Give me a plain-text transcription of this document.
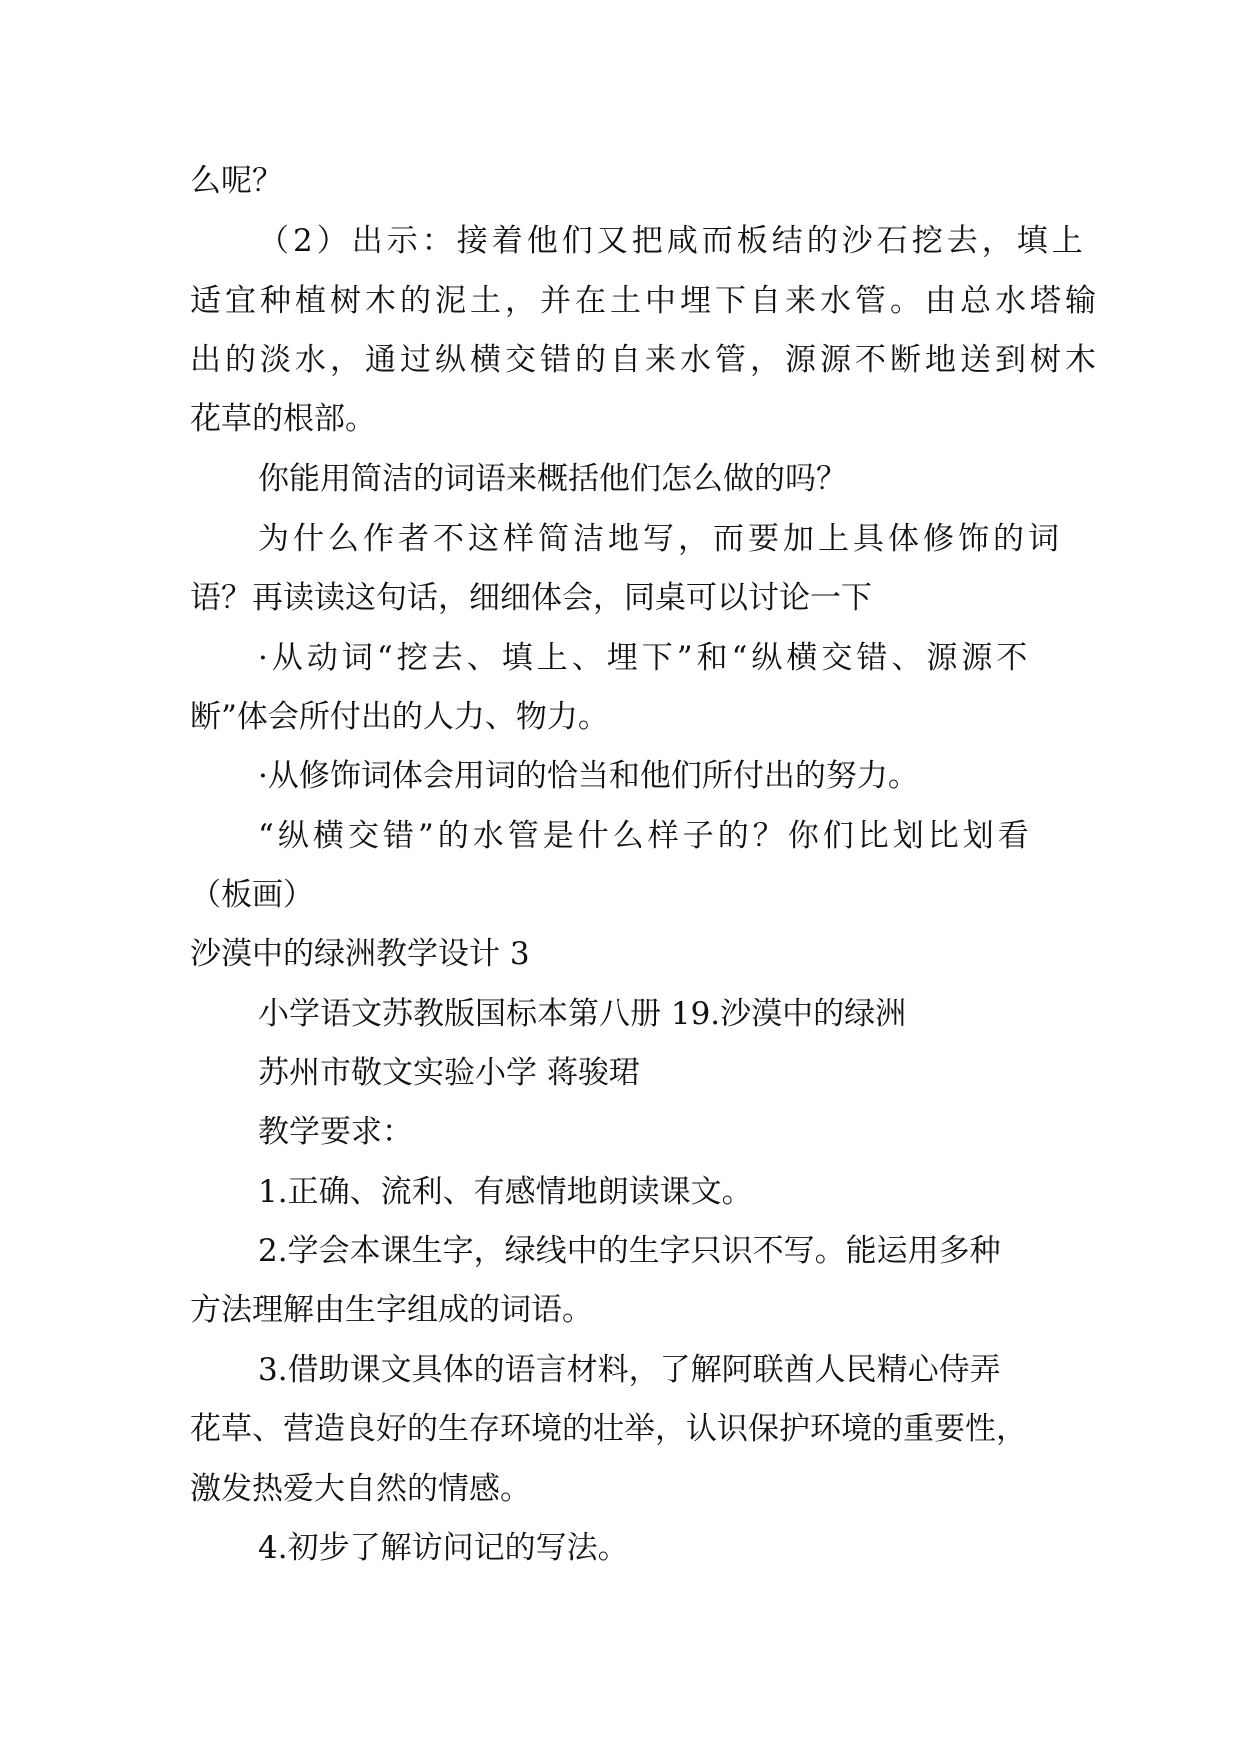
么呢？
（2）出示：接着他们又把咸而板结的沙石挖去，填上
适宜种植树木的泥土，并在土中埋下自来水管。由总水塔输
出的淡水，通过纵横交错的自来水管，源源不断地送到树木
花草的根部。
你能用简洁的词语来概括他们怎么做的吗？
为什么作者不这样简洁地写，而要加上具体修饰的词
语？再读读这句话，细细体会，同桌可以讨论一下
·从动词“挖去、填上、埋下”和“纵横交错、源源不
断”体会所付出的人力、物力。
·从修饰词体会用词的恰当和他们所付出的努力。
“纵横交错”的水管是什么样子的？你们比划比划看
（板画）
沙漠中的绿洲教学设计 3
小学语文苏教版国标本第八册 19.沙漠中的绿洲
苏州市敬文实验小学 蒋骏珺
教学要求：
1.正确、流利、有感情地朗读课文。
2.学会本课生字，绿线中的生字只识不写。能运用多种
方法理解由生字组成的词语。
3.借助课文具体的语言材料，了解阿联酋人民精心侍弄
花草、营造良好的生存环境的壮举，认识保护环境的重要性，
激发热爱大自然的情感。
4.初步了解访问记的写法。
